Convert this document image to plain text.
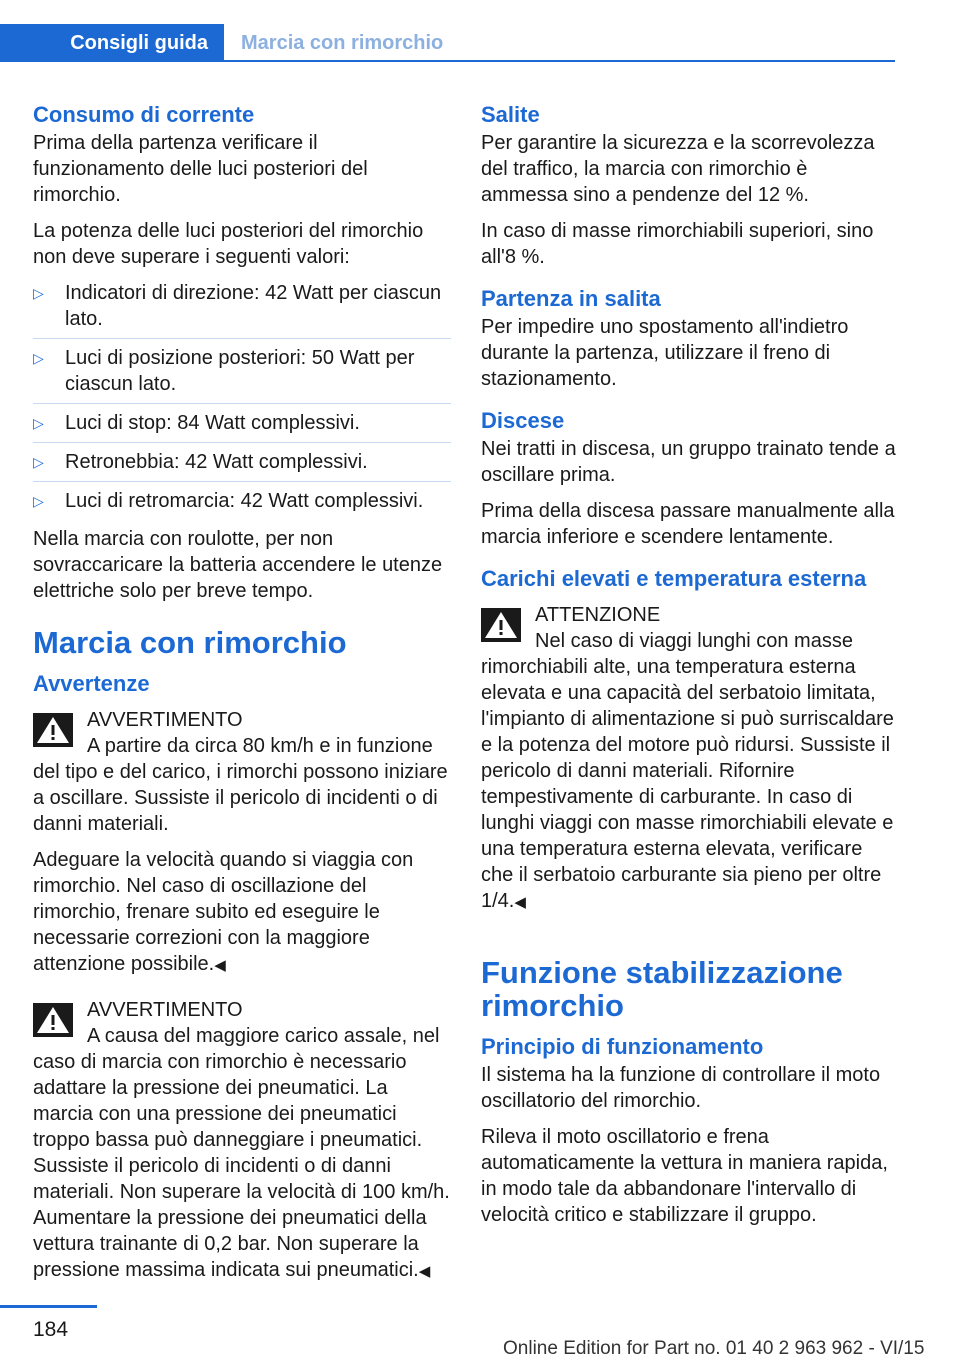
Consigli guida Marcia con rimorchio
Consumo di corrente

Prima della partenza verificare il funzionamento delle luci posteriori del rimorchio.

La potenza delle luci posteriori del rimorchio non deve superare i seguenti valori:

▷ Indicatori di direzione: 42 Watt per ciascun lato.
▷ Luci di posizione posteriori: 50 Watt per ciascun lato.
▷ Luci di stop: 84 Watt complessivi.
▷ Retronebbia: 42 Watt complessivi.
▷ Luci di retromarcia: 42 Watt complessivi.

Nella marcia con roulotte, per non sovraccaricare la batteria accendere le utenze elettriche solo per breve tempo.

Marcia con rimorchio
Avvertenze
AVVERTIMENTO
A partire da circa 80 km/h e in funzione del tipo e del carico, i rimorchi possono iniziare a oscillare. Sussiste il pericolo di incidenti o di danni materiali.

Adeguare la velocità quando si viaggia con rimorchio. Nel caso di oscillazione del rimorchio, frenare subito ed eseguire le necessarie correzioni con la maggiore attenzione possibile.◀

AVVERTIMENTO
A causa del maggiore carico assale, nel caso di marcia con rimorchio è necessario adattare la pressione dei pneumatici. La marcia con una pressione dei pneumatici troppo bassa può danneggiare i pneumatici. Sussiste il pericolo di incidenti o di danni materiali. Non superare la velocità di 100 km/h. Aumentare la pressione dei pneumatici della vettura trainante di 0,2 bar. Non superare la pressione massima indicata sui pneumatici.◀
Salite

Per garantire la sicurezza e la scorrevolezza del traffico, la marcia con rimorchio è ammessa sino a pendenze del 12 %.

In caso di masse rimorchiabili superiori, sino all'8 %.

Partenza in salita

Per impedire uno spostamento all'indietro durante la partenza, utilizzare il freno di stazionamento.

Discese

Nei tratti in discesa, un gruppo trainato tende a oscillare prima.

Prima della discesa passare manualmente alla marcia inferiore e scendere lentamente.

Carichi elevati e temperatura esterna
ATTENZIONE
Nel caso di viaggi lunghi con masse rimorchiabili alte, una temperatura esterna elevata e una capacità del serbatoio limitata, l'impianto di alimentazione si può surriscaldare e la potenza del motore può ridursi. Sussiste il pericolo di danni materiali. Rifornire tempestivamente di carburante. In caso di lunghi viaggi con masse rimorchiabili elevate e una temperatura esterna elevata, verificare che il serbatoio carburante sia pieno per oltre 1/4.◀
Funzione stabilizzazione rimorchio
Principio di funzionamento

Il sistema ha la funzione di controllare il moto oscillatorio del rimorchio.

Rileva il moto oscillatorio e frena automaticamente la vettura in maniera rapida, in modo tale da abbandonare l'intervallo di velocità critico e stabilizzare il gruppo.

184
Online Edition for Part no. 01 40 2 963 962 - VI/15
